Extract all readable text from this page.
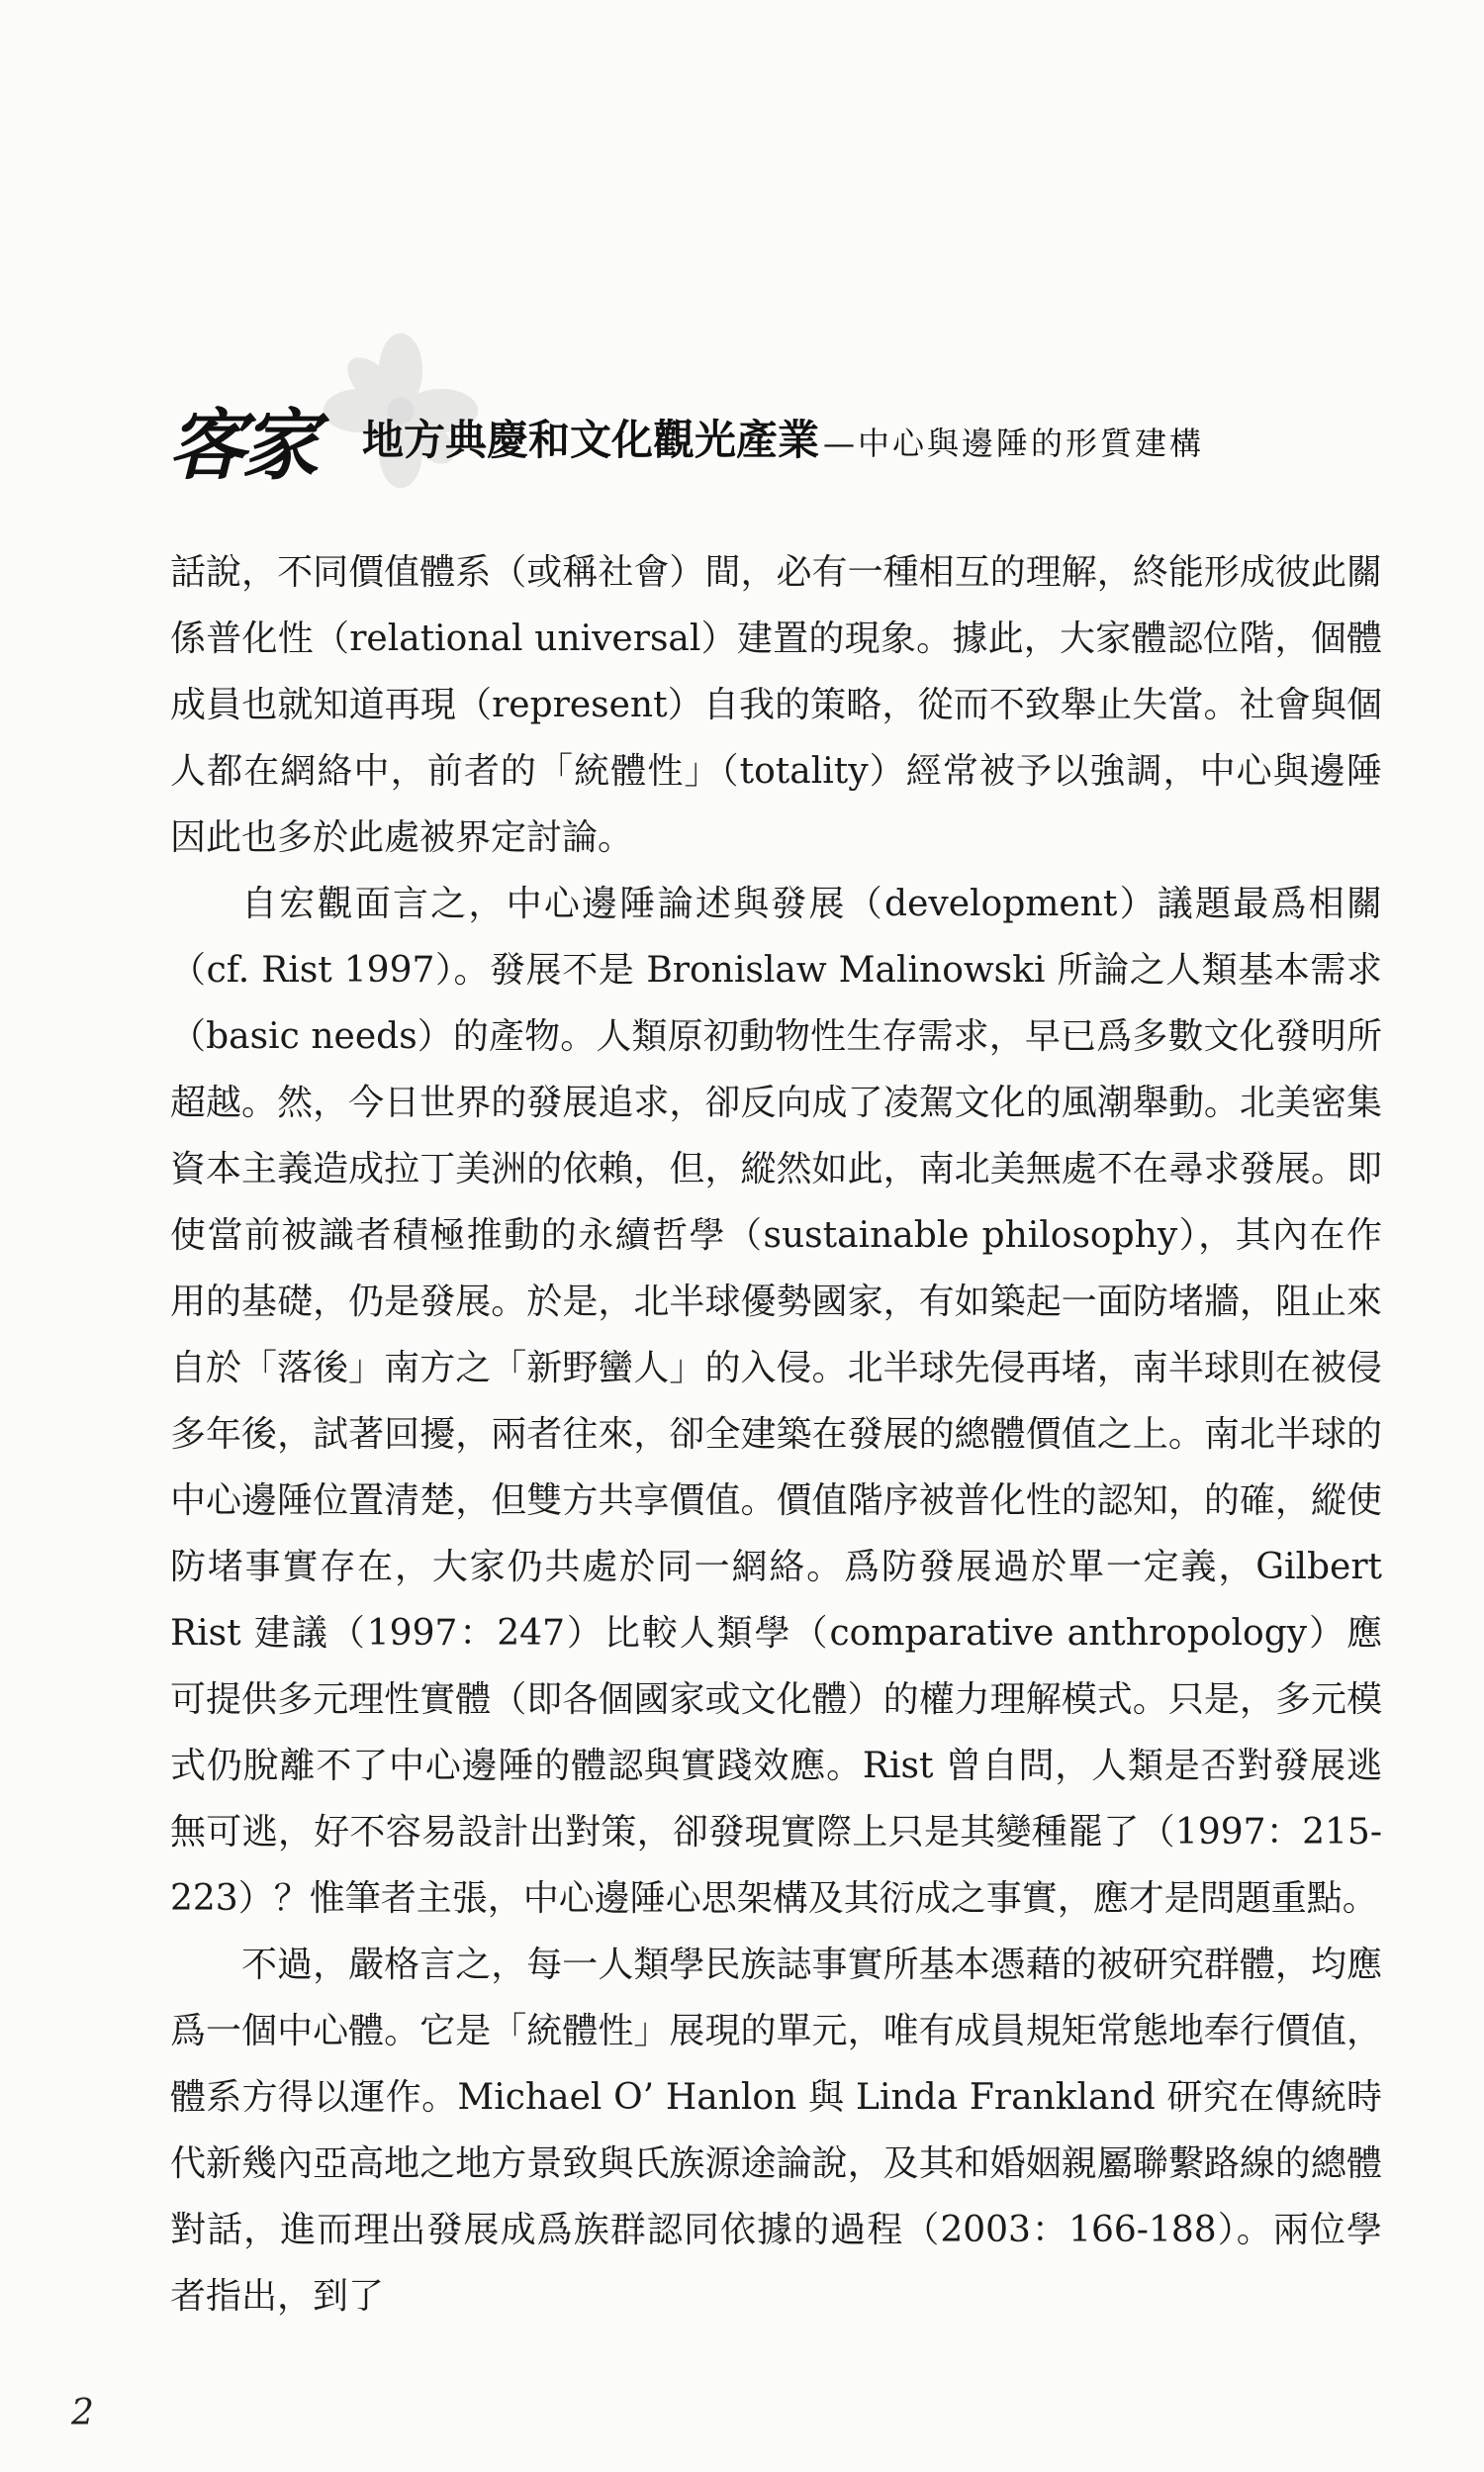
客家 地方典慶和文化觀光產業 —中心與邊陲的形質建構

話說，不同價值體系（或稱社會）間，必有一種相互的理解，終能形成彼此關係普化性（relational universal）建置的現象。據此，大家體認位階，個體成員也就知道再現（represent）自我的策略，從而不致舉止失當。社會與個人都在網絡中，前者的「統體性」（totality）經常被予以強調，中心與邊陲因此也多於此處被界定討論。

自宏觀面言之，中心邊陲論述與發展（development）議題最爲相關（cf. Rist 1997）。發展不是 Bronislaw Malinowski 所論之人類基本需求（basic needs）的產物。人類原初動物性生存需求，早已爲多數文化發明所超越。然，今日世界的發展追求，卻反向成了凌駕文化的風潮舉動。北美密集資本主義造成拉丁美洲的依賴，但，縱然如此，南北美無處不在尋求發展。即使當前被識者積極推動的永續哲學（sustainable philosophy），其內在作用的基礎，仍是發展。於是，北半球優勢國家，有如築起一面防堵牆，阻止來自於「落後」南方之「新野蠻人」的入侵。北半球先侵再堵，南半球則在被侵多年後，試著回擾，兩者往來，卻全建築在發展的總體價值之上。南北半球的中心邊陲位置清楚，但雙方共享價值。價值階序被普化性的認知，的確，縱使防堵事實存在，大家仍共處於同一網絡。爲防發展過於單一定義，Gilbert Rist 建議（1997：247）比較人類學（comparative anthropology）應可提供多元理性實體（即各個國家或文化體）的權力理解模式。只是，多元模式仍脫離不了中心邊陲的體認與實踐效應。Rist 曾自問，人類是否對發展逃無可逃，好不容易設計出對策，卻發現實際上只是其變種罷了（1997：215-223）？惟筆者主張，中心邊陲心思架構及其衍成之事實，應才是問題重點。

不過，嚴格言之，每一人類學民族誌事實所基本憑藉的被研究群體，均應爲一個中心體。它是「統體性」展現的單元，唯有成員規矩常態地奉行價值，體系方得以運作。Michael O’ Hanlon 與 Linda Frankland 研究在傳統時代新幾內亞高地之地方景致與氏族源途論說，及其和婚姻親屬聯繫路線的總體對話，進而理出發展成爲族群認同依據的過程（2003：166-188）。兩位學者指出，到了

2
